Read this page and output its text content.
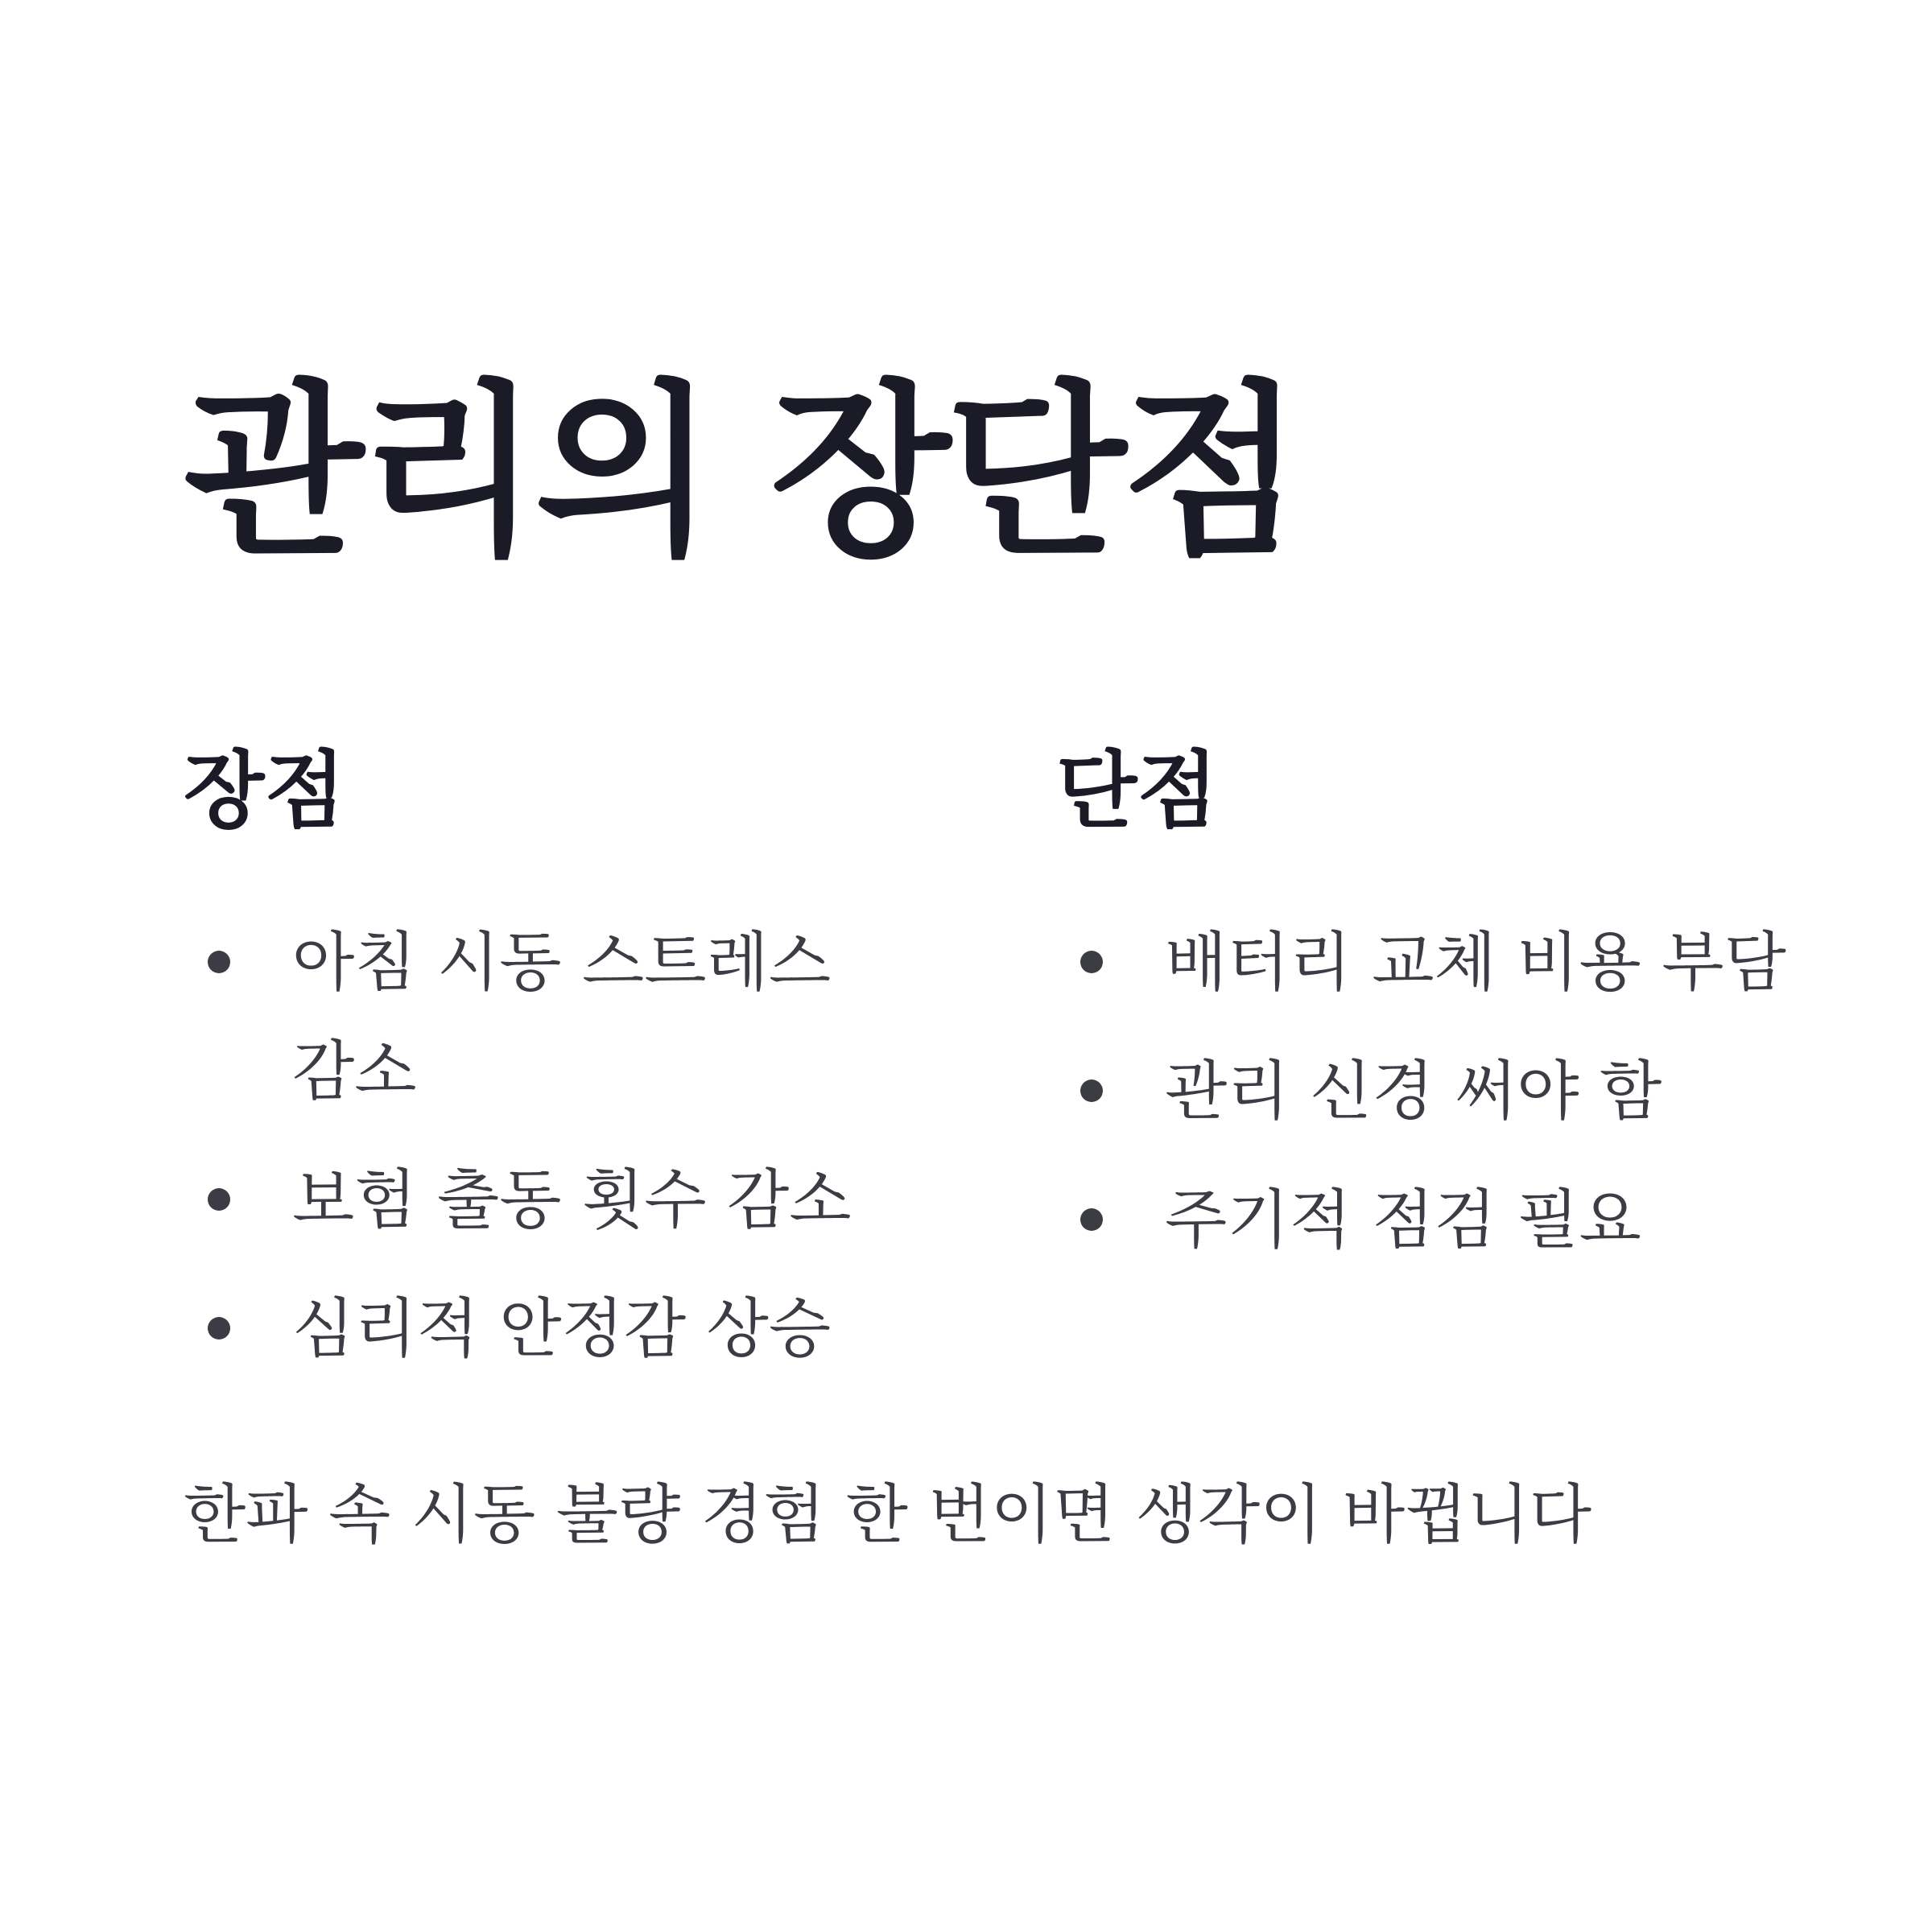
관리의 장단점
장점
아침 시동 스트레스 감소
보험 출동 횟수 감소
심리적 안정감 상승
단점
배터리 교체 비용 부담
관리 신경 써야 함
주기적 점검 필요

한파 속 시동 불량 경험 한 번이면 생각이 바뀝니다
